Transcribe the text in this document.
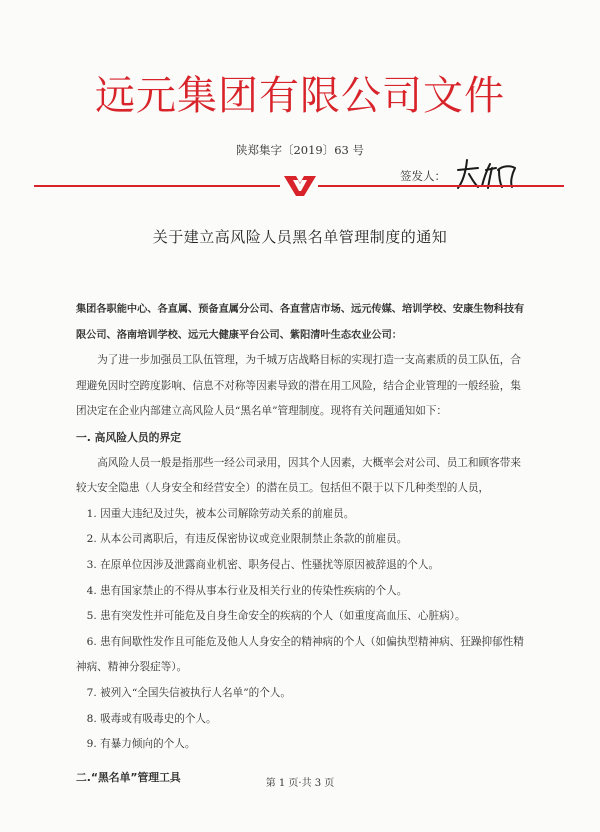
远元集团有限公司文件
陕郑集字〔2019〕63 号
签发人：
关于建立高风险人员黑名单管理制度的通知

集团各职能中心、各直属、预备直属分公司、各直营店市场、远元传媒、培训学校、安康生物科技有限公司、洛南培训学校、远元大健康平台公司、紫阳清叶生态农业公司：

为了进一步加强员工队伍管理，为千城万店战略目标的实现打造一支高素质的员工队伍，合理避免因时空跨度影响、信息不对称等因素导致的潜在用工风险，结合企业管理的一般经验，集团决定在企业内部建立高风险人员“黑名单”管理制度。现将有关问题通知如下：

一. 高风险人员的界定

高风险人员一般是指那些一经公司录用，因其个人因素，大概率会对公司、员工和顾客带来较大安全隐患（人身安全和经营安全）的潜在员工。包括但不限于以下几种类型的人员，

1. 因重大违纪及过失，被本公司解除劳动关系的前雇员。

2. 从本公司离职后，有违反保密协议或竞业限制禁止条款的前雇员。

3. 在原单位因涉及泄露商业机密、职务侵占、性骚扰等原因被辞退的个人。

4. 患有国家禁止的不得从事本行业及相关行业的传染性疾病的个人。

5. 患有突发性并可能危及自身生命安全的疾病的个人（如重度高血压、心脏病）。

6. 患有间歇性发作且可能危及他人人身安全的精神病的个人（如偏执型精神病、狂躁抑郁性精神病、精神分裂症等）。

7. 被列入“全国失信被执行人名单”的个人。

8. 吸毒或有吸毒史的个人。

9. 有暴力倾向的个人。

二.“黑名单”管理工具	第 1 页·共 3 页
